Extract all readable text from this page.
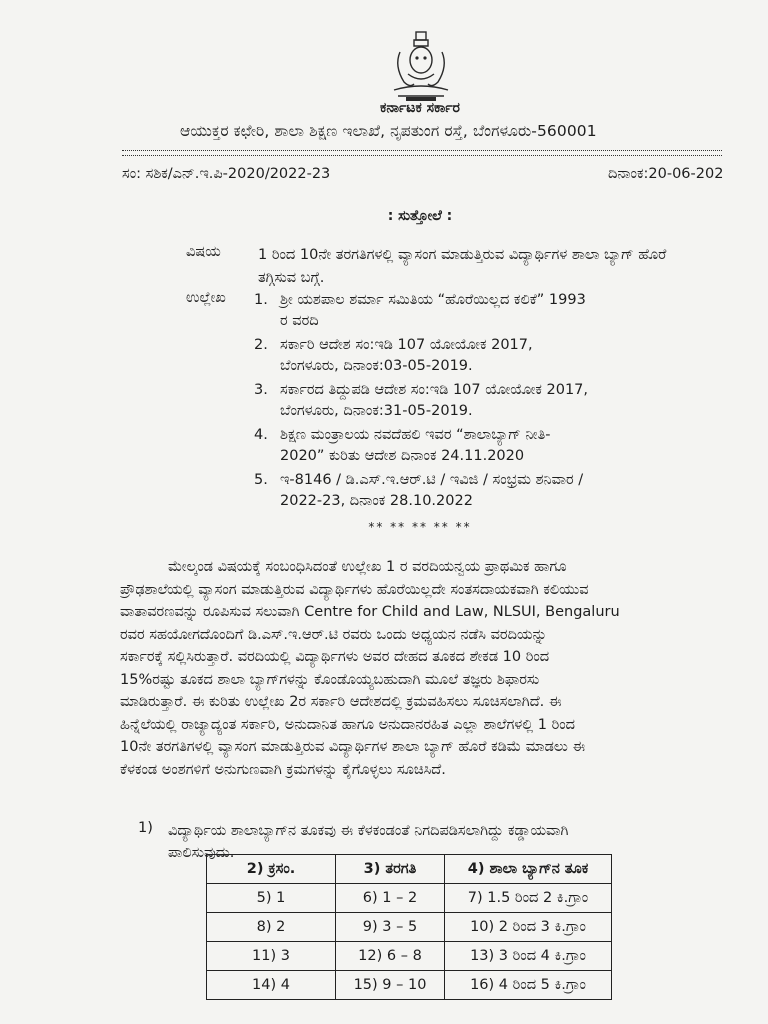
ಕರ್ನಾಟಕ ಸರ್ಕಾರ
ಆಯುಕ್ತರ ಕಛೇರಿ, ಶಾಲಾ ಶಿಕ್ಷಣ ಇಲಾಖೆ, ನೃಪತುಂಗ ರಸ್ತೆ, ಬೆಂಗಳೂರು-560001
ಸಂ: ಸಶಿಕ/ಎನ್.ಇ.ಪಿ-2020/2022-23	ದಿನಾಂಕ:20-06-202
: ಸುತ್ತೋಲೆ :
ವಿಷಯ	1 ರಿಂದ 10ನೇ ತರಗತಿಗಳಲ್ಲಿ ವ್ಯಾಸಂಗ ಮಾಡುತ್ತಿರುವ ವಿದ್ಯಾರ್ಥಿಗಳ ಶಾಲಾ ಬ್ಯಾಗ್ ಹೊರೆ ತಗ್ಗಿಸುವ ಬಗ್ಗೆ.
ಉಲ್ಲೇಖ 1. ಶ್ರೀ ಯಶಪಾಲ ಶರ್ಮಾ ಸಮಿತಿಯ “ಹೊರೆಯಿಲ್ಲದ ಕಲಿಕೆ” 1993
ರ ವರದಿ
2. ಸರ್ಕಾರಿ ಆದೇಶ ಸಂ:ಇಡಿ 107 ಯೋಯೋಕ 2017,
ಬೆಂಗಳೂರು, ದಿನಾಂಕ:03-05-2019.
3. ಸರ್ಕಾರದ ತಿದ್ದುಪಡಿ ಆದೇಶ ಸಂ:ಇಡಿ 107 ಯೋಯೋಕ 2017,
ಬೆಂಗಳೂರು, ದಿನಾಂಕ:31-05-2019.
4. ಶಿಕ್ಷಣ ಮಂತ್ರಾಲಯ ನವದೆಹಲಿ ಇವರ “ಶಾಲಾಬ್ಯಾಗ್ ನೀತಿ-
2020” ಕುರಿತು ಆದೇಶ ದಿನಾಂಕ 24.11.2020
5. ಇ-8146 / ಡಿ.ಎಸ್.ಇ.ಆರ್.ಟಿ / ಇವಿಜಿ / ಸಂಭ್ರಮ ಶನಿವಾರ /
2022-23, ದಿನಾಂಕ 28.10.2022
** ** ** ** **

ಮೇಲ್ಕಂಡ ವಿಷಯಕ್ಕೆ ಸಂಬಂಧಿಸಿದಂತೆ ಉಲ್ಲೇಖ 1 ರ ವರದಿಯನ್ವಯ ಪ್ರಾಥಮಿಕ ಹಾಗೂ

ಪ್ರೌಢಶಾಲೆಯಲ್ಲಿ ವ್ಯಾಸಂಗ ಮಾಡುತ್ತಿರುವ ವಿದ್ಯಾರ್ಥಿಗಳು ಹೊರೆಯಿಲ್ಲದೇ ಸಂತಸದಾಯಕವಾಗಿ ಕಲಿಯುವ

ವಾತಾವರಣವನ್ನು ರೂಪಿಸುವ ಸಲುವಾಗಿ Centre for Child and Law, NLSUI, Bengaluru

ರವರ ಸಹಯೋಗದೊಂದಿಗೆ ಡಿ.ಎಸ್.ಇ.ಆರ್.ಟಿ ರವರು ಒಂದು ಅಧ್ಯಯನ ನಡೆಸಿ ವರದಿಯನ್ನು

ಸರ್ಕಾರಕ್ಕೆ ಸಲ್ಲಿಸಿರುತ್ತಾರೆ. ವರದಿಯಲ್ಲಿ ವಿದ್ಯಾರ್ಥಿಗಳು ಅವರ ದೇಹದ ತೂಕದ ಶೇಕಡ 10 ರಿಂದ

15%ರಷ್ಟು ತೂಕದ ಶಾಲಾ ಬ್ಯಾಗ್‌ಗಳನ್ನು ಕೊಂಡೊಯ್ಯಬಹುದಾಗಿ ಮೂಲೆ ತಜ್ಞರು ಶಿಫಾರಸು

ಮಾಡಿರುತ್ತಾರೆ. ಈ ಕುರಿತು ಉಲ್ಲೇಖ 2ರ ಸರ್ಕಾರಿ ಆದೇಶದಲ್ಲಿ ಕ್ರಮವಹಿಸಲು ಸೂಚಿಸಲಾಗಿದೆ. ಈ

ಹಿನ್ನೆಲೆಯಲ್ಲಿ ರಾಜ್ಯಾದ್ಯಂತ ಸರ್ಕಾರಿ, ಅನುದಾನಿತ ಹಾಗೂ ಅನುದಾನರಹಿತ ಎಲ್ಲಾ ಶಾಲೆಗಳಲ್ಲಿ 1 ರಿಂದ

10ನೇ ತರಗತಿಗಳಲ್ಲಿ ವ್ಯಾಸಂಗ ಮಾಡುತ್ತಿರುವ ವಿದ್ಯಾರ್ಥಿಗಳ ಶಾಲಾ ಬ್ಯಾಗ್ ಹೊರೆ ಕಡಿಮೆ ಮಾಡಲು ಈ

ಕೆಳಕಂಡ ಅಂಶಗಳಿಗೆ ಅನುಗುಣವಾಗಿ ಕ್ರಮಗಳನ್ನು ಕೈಗೊಳ್ಳಲು ಸೂಚಿಸಿದೆ.

1) ವಿದ್ಯಾರ್ಥಿಯ ಶಾಲಾಬ್ಯಾಗ್‌ನ ತೂಕವು ಈ ಕೆಳಕಂಡಂತೆ ನಿಗದಿಪಡಿಸಲಾಗಿದ್ದು ಕಡ್ಡಾಯವಾಗಿ

ಪಾಲಿಸುವುದು.

2) ಕ್ರಸಂ.	3) ತರಗತಿ	4) ಶಾಲಾ ಬ್ಯಾಗ್‌ನ ತೂಕ
5) 1	6) 1 – 2	7) 1.5 ರಿಂದ 2 ಕಿ.ಗ್ರಾಂ
8) 2	9) 3 – 5	10) 2 ರಿಂದ 3 ಕಿ.ಗ್ರಾಂ
11) 3	12) 6 – 8	13) 3 ರಿಂದ 4 ಕಿ.ಗ್ರಾಂ
14) 4	15) 9 – 10	16) 4 ರಿಂದ 5 ಕಿ.ಗ್ರಾಂ
